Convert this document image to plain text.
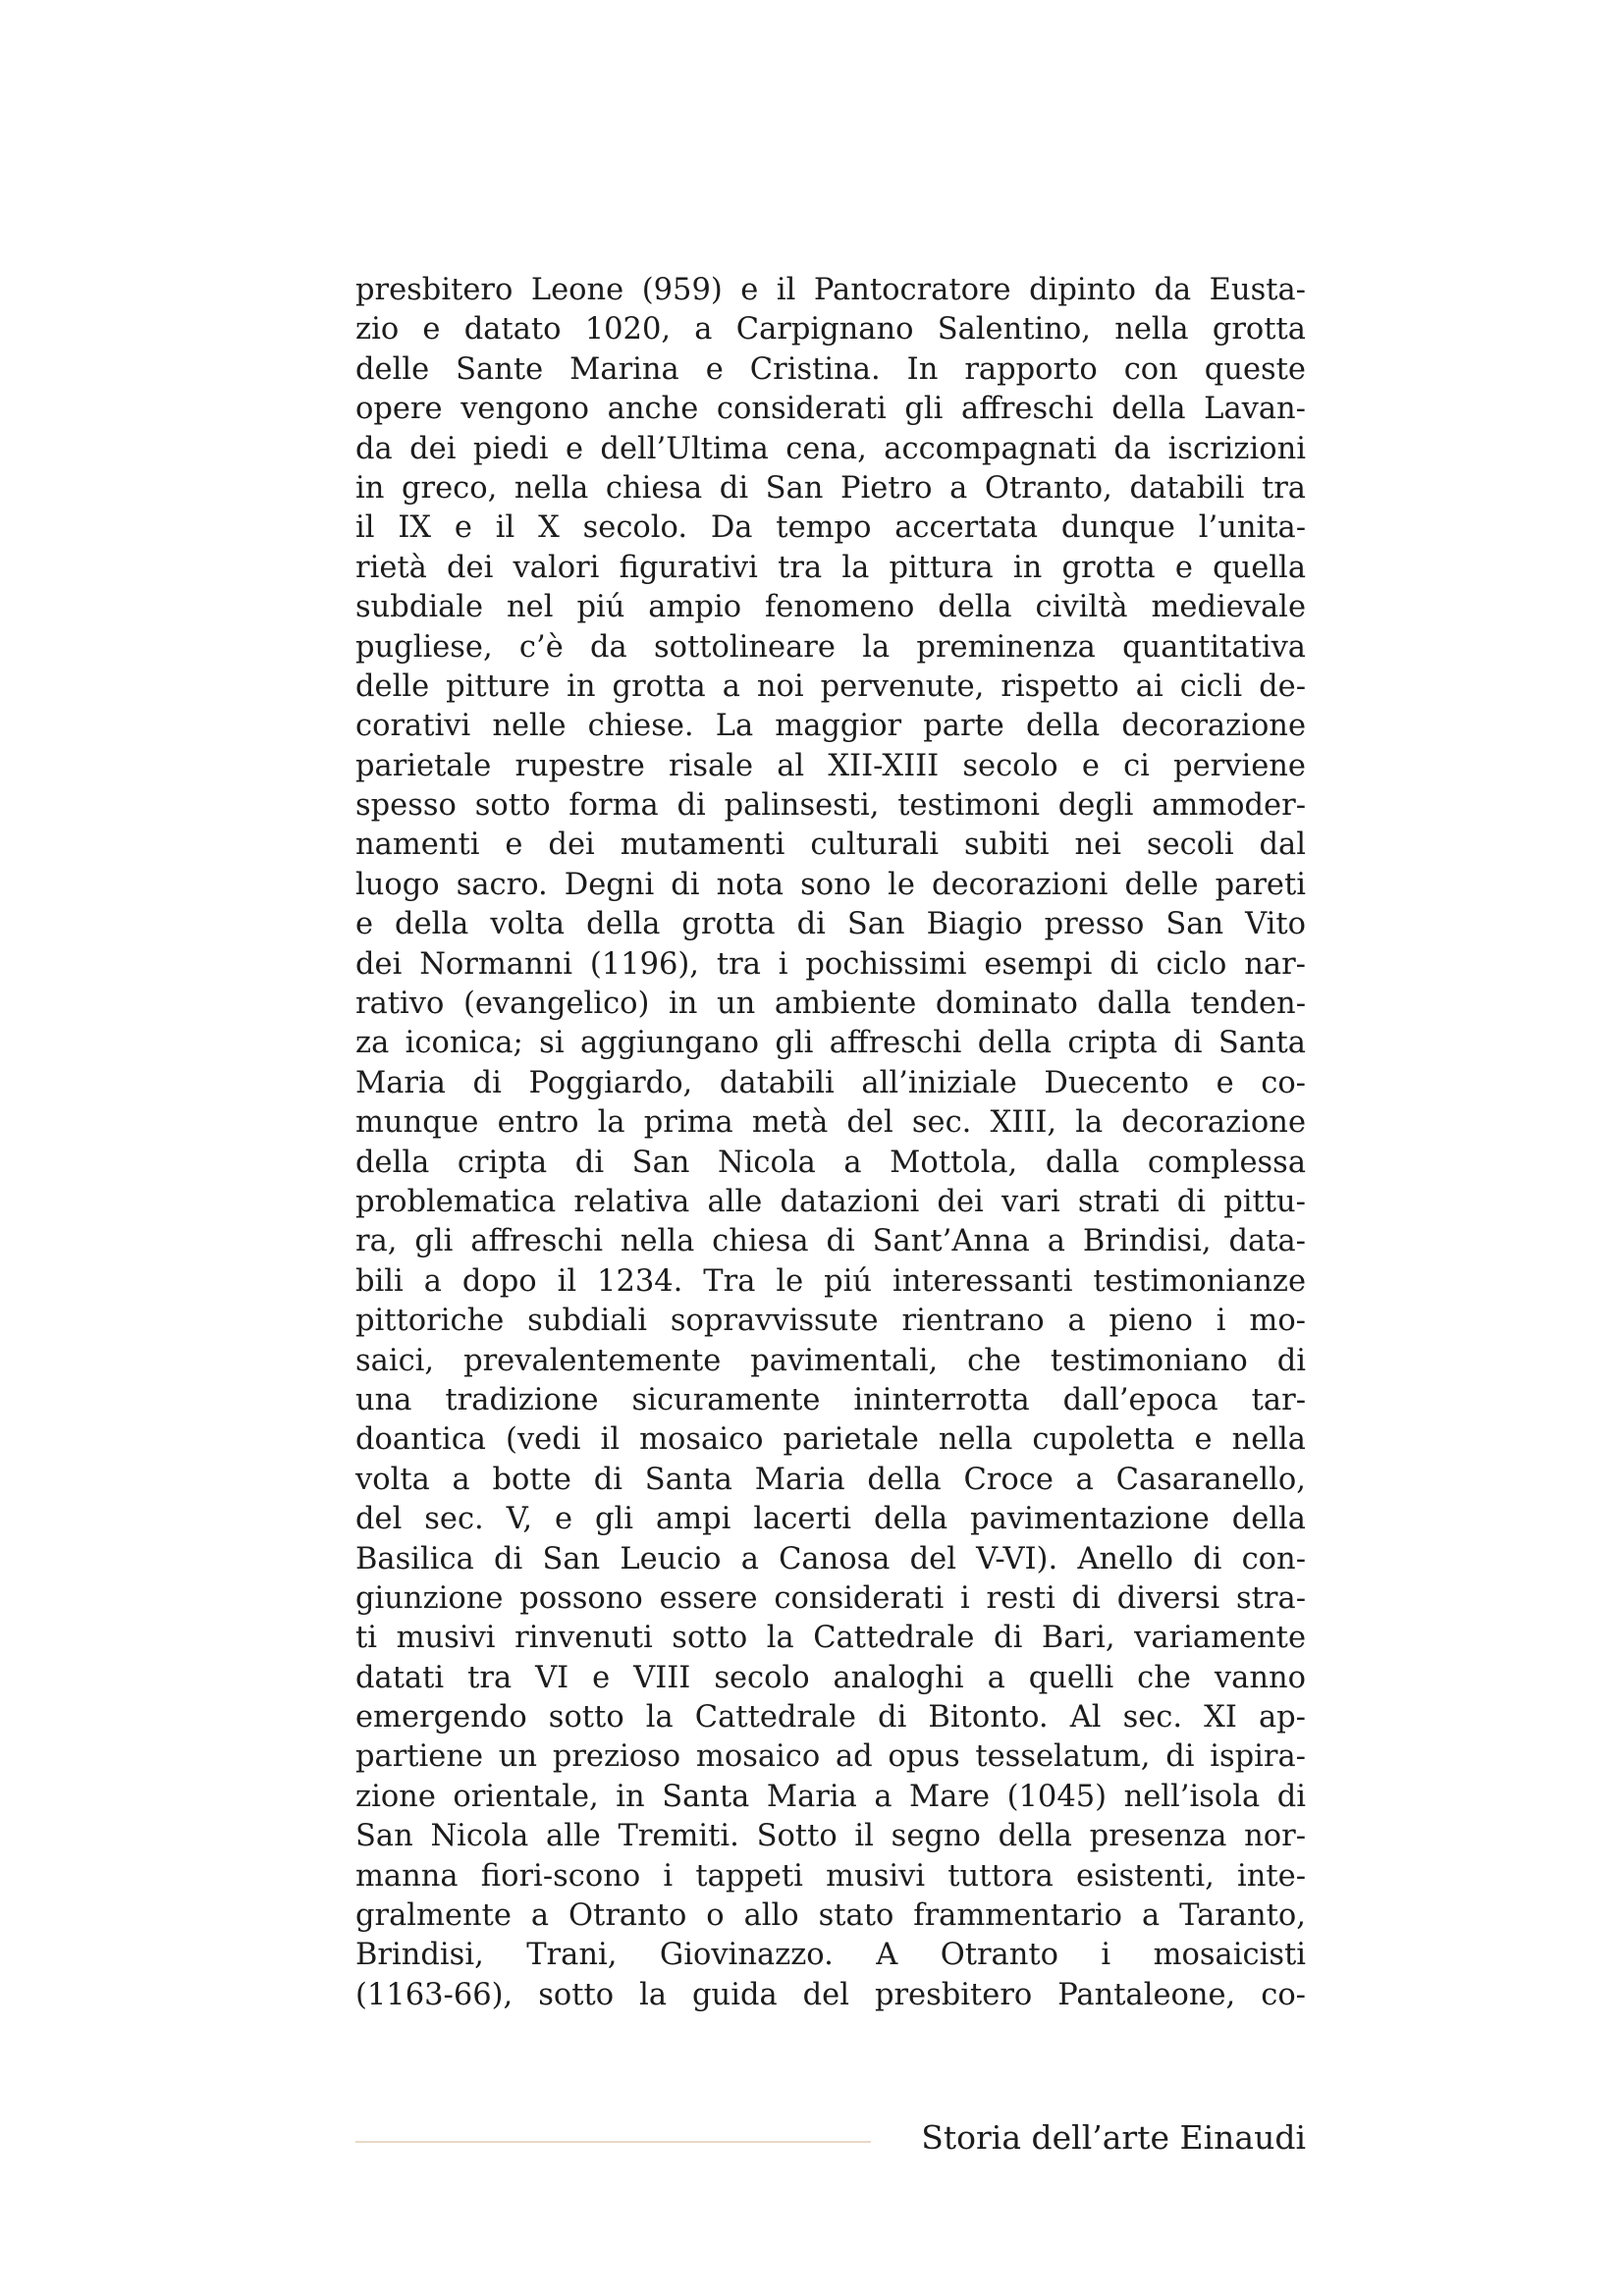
presbitero Leone (959) e il Pantocratore dipinto da Eusta-
zio e datato 1020, a Carpignano Salentino, nella grotta
delle Sante Marina e Cristina. In rapporto con queste
opere vengono anche considerati gli affreschi della Lavan-
da dei piedi e dell’Ultima cena, accompagnati da iscrizioni
in greco, nella chiesa di San Pietro a Otranto, databili tra
il IX e il X secolo. Da tempo accertata dunque l’unita-
rietà dei valori figurativi tra la pittura in grotta e quella
subdiale nel piú ampio fenomeno della civiltà medievale
pugliese, c’è da sottolineare la preminenza quantitativa
delle pitture in grotta a noi pervenute, rispetto ai cicli de-
corativi nelle chiese. La maggior parte della decorazione
parietale rupestre risale al XII-XIII secolo e ci perviene
spesso sotto forma di palinsesti, testimoni degli ammoder-
namenti e dei mutamenti culturali subiti nei secoli dal
luogo sacro. Degni di nota sono le decorazioni delle pareti
e della volta della grotta di San Biagio presso San Vito
dei Normanni (1196), tra i pochissimi esempi di ciclo nar-
rativo (evangelico) in un ambiente dominato dalla tenden-
za iconica; si aggiungano gli affreschi della cripta di Santa
Maria di Poggiardo, databili all’iniziale Duecento e co-
munque entro la prima metà del sec. XIII, la decorazione
della cripta di San Nicola a Mottola, dalla complessa
problematica relativa alle datazioni dei vari strati di pittu-
ra, gli affreschi nella chiesa di Sant’Anna a Brindisi, data-
bili a dopo il 1234. Tra le piú interessanti testimonianze
pittoriche subdiali sopravvissute rientrano a pieno i mo-
saici, prevalentemente pavimentali, che testimoniano di
una tradizione sicuramente ininterrotta dall’epoca tar-
doantica (vedi il mosaico parietale nella cupoletta e nella
volta a botte di Santa Maria della Croce a Casaranello,
del sec. V, e gli ampi lacerti della pavimentazione della
Basilica di San Leucio a Canosa del V-VI). Anello di con-
giunzione possono essere considerati i resti di diversi stra-
ti musivi rinvenuti sotto la Cattedrale di Bari, variamente
datati tra VI e VIII secolo analoghi a quelli che vanno
emergendo sotto la Cattedrale di Bitonto. Al sec. XI ap-
partiene un prezioso mosaico ad opus tesselatum, di ispira-
zione orientale, in Santa Maria a Mare (1045) nell’isola di
San Nicola alle Tremiti. Sotto il segno della presenza nor-
manna fiori-scono i tappeti musivi tuttora esistenti, inte-
gralmente a Otranto o allo stato frammentario a Taranto,
Brindisi, Trani, Giovinazzo. A Otranto i mosaicisti
(1163-66), sotto la guida del presbitero Pantaleone, co-
Storia dell’arte Einaudi
